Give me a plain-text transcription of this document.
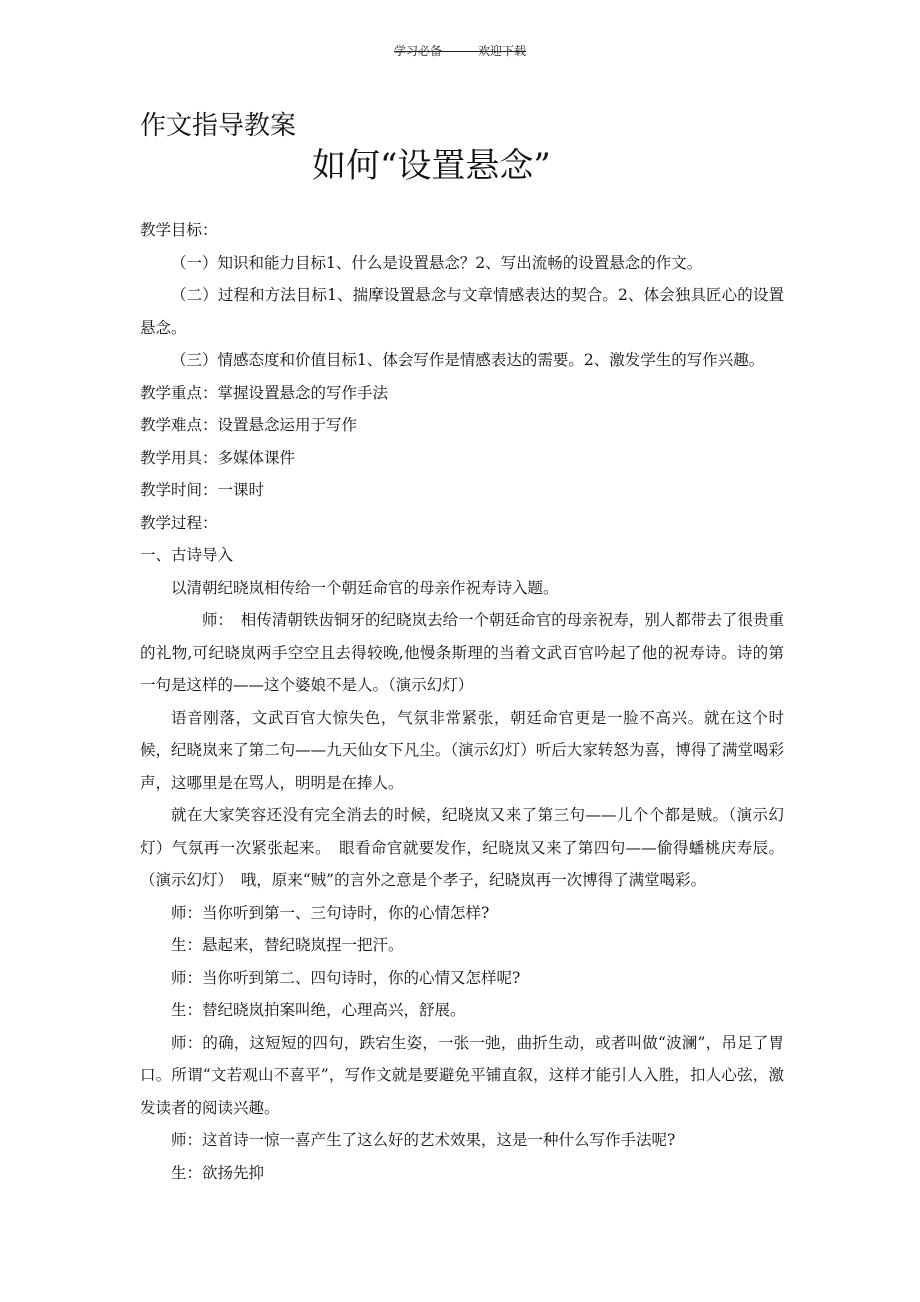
学习必备———欢迎下载
作文指导教案
如何“设置悬念”

教学目标：

（一）知识和能力目标1、什么是设置悬念？2、写出流畅的设置悬念的作文。

（二）过程和方法目标1、揣摩设置悬念与文章情感表达的契合。2、体会独具匠心的设置悬念。

（三）情感态度和价值目标1、体会写作是情感表达的需要。2、激发学生的写作兴趣。

教学重点：掌握设置悬念的写作手法

教学难点：设置悬念运用于写作

教学用具：多媒体课件

教学时间：一课时

教学过程：

一、古诗导入

以清朝纪晓岚相传给一个朝廷命官的母亲作祝寿诗入题。

师：　相传清朝铁齿铜牙的纪晓岚去给一个朝廷命官的母亲祝寿，别人都带去了很贵重的礼物,可纪晓岚两手空空且去得较晚,他慢条斯理的当着文武百官吟起了他的祝寿诗。诗的第一句是这样的——这个婆娘不是人。（演示幻灯）

语音刚落，文武百官大惊失色，气氛非常紧张，朝廷命官更是一脸不高兴。就在这个时候，纪晓岚来了第二句——九天仙女下凡尘。（演示幻灯）听后大家转怒为喜，博得了满堂喝彩声，这哪里是在骂人，明明是在捧人。

就在大家笑容还没有完全消去的时候，纪晓岚又来了第三句——儿个个都是贼。（演示幻灯）气氛再一次紧张起来。　眼看命官就要发作，纪晓岚又来了第四句——偷得蟠桃庆寿辰。（演示幻灯）　哦，原来“贼”的言外之意是个孝子，纪晓岚再一次博得了满堂喝彩。

师：当你听到第一、三句诗时，你的心情怎样?

生：悬起来，替纪晓岚捏一把汗。

师：当你听到第二、四句诗时，你的心情又怎样呢?

生：替纪晓岚拍案叫绝，心理高兴，舒展。

师：的确，这短短的四句，跌宕生姿，一张一弛，曲折生动，或者叫做“波澜”，吊足了胃口。所谓“文若观山不喜平”，写作文就是要避免平铺直叙，这样才能引人入胜，扣人心弦，激发读者的阅读兴趣。

师：这首诗一惊一喜产生了这么好的艺术效果，这是一种什么写作手法呢?

生：欲扬先抑
